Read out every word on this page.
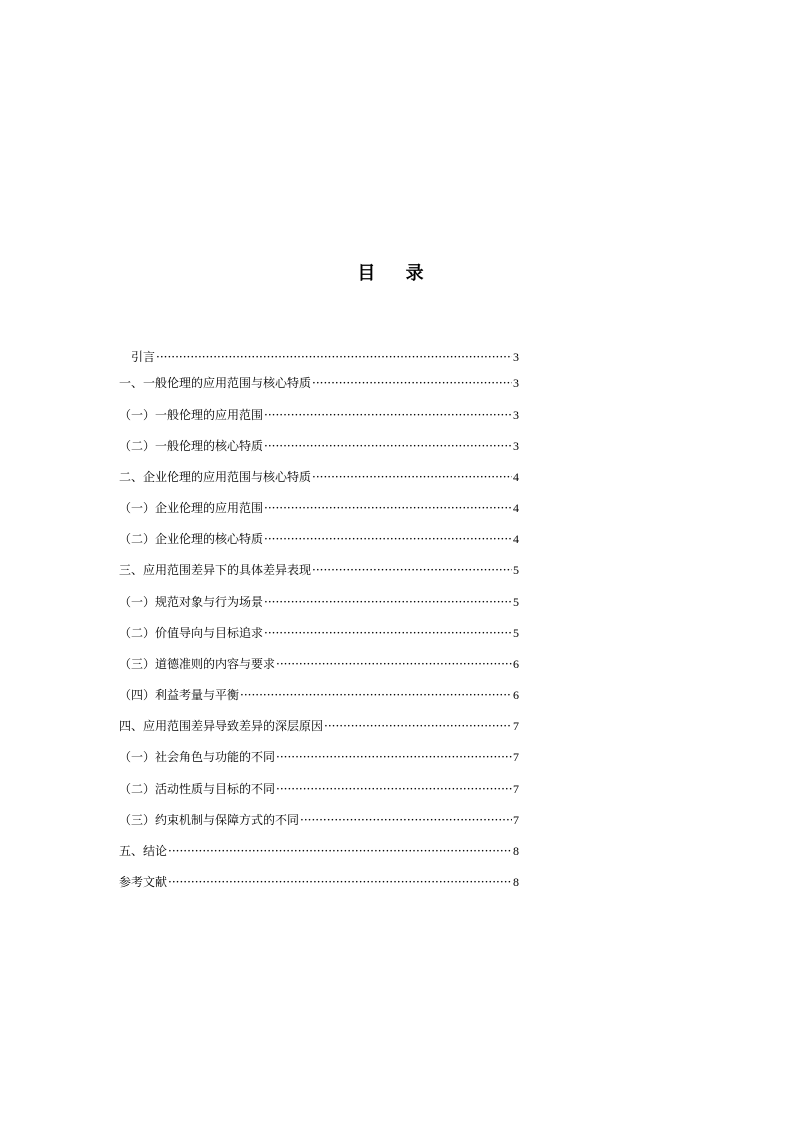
目 录
引言 ·····	3
一、一般伦理的应用范围与核心特质 ·····	3
（一）一般伦理的应用范围 ·····	3
（二）一般伦理的核心特质 ·····	3
二、企业伦理的应用范围与核心特质 ·····	4
（一）企业伦理的应用范围 ·····	4
（二）企业伦理的核心特质 ·····	4
三、应用范围差异下的具体差异表现 ·····	5
（一）规范对象与行为场景 ·····	5
（二）价值导向与目标追求 ·····	5
（三）道德准则的内容与要求 ·····	6
（四）利益考量与平衡 ·····	6
四、应用范围差异导致差异的深层原因 ·····	7
（一）社会角色与功能的不同 ·····	7
（二）活动性质与目标的不同 ·····	7
（三）约束机制与保障方式的不同 ·····	7
五、结论 ·····	8
参考文献 ·····	8
